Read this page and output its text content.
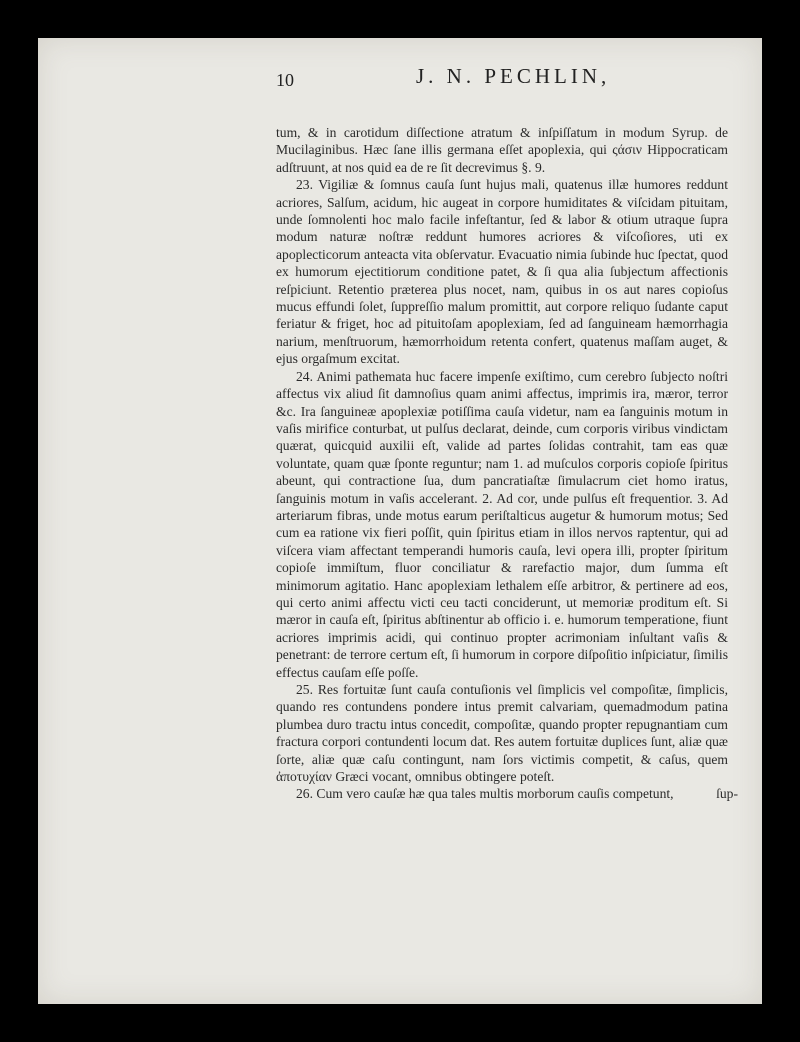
10	J. N. PECHLIN,

tum, & in carotidum diſſectione atratum & inſpiſſatum in modum Syrup. de Mucilaginibus. Hæc ſane illis germana eſſet apoplexia, qui ςάσιν Hippocraticam adſtruunt, at nos quid ea de re ſit decrevimus §. 9.

23. Vigiliæ & ſomnus cauſa ſunt hujus mali, quatenus illæ humores reddunt acriores, Salſum, acidum, hic augeat in corpore humiditates & viſcidam pituitam, unde ſomnolenti hoc malo facile infeſtantur, ſed & labor & otium utraque ſupra modum naturæ noſtræ reddunt humores acriores & viſcoſiores, uti ex apoplecticorum anteacta vita obſervatur. Evacuatio nimia ſubinde huc ſpectat, quod ex humorum ejectitiorum conditione patet, & ſi qua alia ſubjectum affectionis reſpiciunt. Retentio præterea plus nocet, nam, quibus in os aut nares copioſus mucus effundi ſolet, ſuppreſſio malum promittit, aut corpore reliquo ſudante caput feriatur & friget, hoc ad pituitoſam apoplexiam, ſed ad ſanguineam hæmorrhagia narium, menſtruorum, hæmorrhoidum retenta confert, quatenus maſſam auget, & ejus orgaſmum excitat.

24. Animi pathemata huc facere impenſe exiſtimo, cum cerebro ſubjecto noſtri affectus vix aliud ſit damnoſius quam animi affectus, imprimis ira, mæror, terror &c. Ira ſanguineæ apoplexiæ potiſſima cauſa videtur, nam ea ſanguinis motum in vaſis mirifice conturbat, ut pulſus declarat, deinde, cum corporis viribus vindictam quærat, quicquid auxilii eſt, valide ad partes ſolidas contrahit, tam eas quæ voluntate, quam quæ ſponte reguntur; nam 1. ad muſculos corporis copioſe ſpiritus abeunt, qui contractione ſua, dum pancratiaſtæ ſimulacrum ciet homo iratus, ſanguinis motum in vaſis accelerant. 2. Ad cor, unde pulſus eſt frequentior. 3. Ad arteriarum fibras, unde motus earum periſtalticus augetur & humorum motus; Sed cum ea ratione vix fieri poſſit, quin ſpiritus etiam in illos nervos raptentur, qui ad viſcera viam affectant temperandi humoris cauſa, levi opera illi, propter ſpiritum copioſe immiſtum, fluor conciliatur & rarefactio major, dum ſumma eſt minimorum agitatio. Hanc apoplexiam lethalem eſſe arbitror, & pertinere ad eos, qui certo animi affectu victi ceu tacti conciderunt, ut memoriæ proditum eſt. Si mæror in cauſa eſt, ſpiritus abſtinentur ab officio i. e. humorum temperatione, fiunt acriores imprimis acidi, qui continuo propter acrimoniam inſultant vaſis & penetrant: de terrore certum eſt, ſi humorum in corpore diſpoſitio inſpiciatur, ſimilis effectus cauſam eſſe poſſe.

25. Res fortuitæ ſunt cauſa contuſionis vel ſimplicis vel compoſitæ, ſimplicis, quando res contundens pondere intus premit calvariam, quemadmodum patina plumbea duro tractu intus concedit, compoſitæ, quando propter repugnantiam cum fractura corpori contundenti locum dat. Res autem fortuitæ duplices ſunt, aliæ quæ ſorte, aliæ quæ caſu contingunt, nam ſors victimis competit, & caſus, quem ἀποτυχίαν Græci vocant, omnibus obtingere poteſt.

26. Cum vero cauſæ hæ qua tales multis morborum cauſis competunt,	ſup-
